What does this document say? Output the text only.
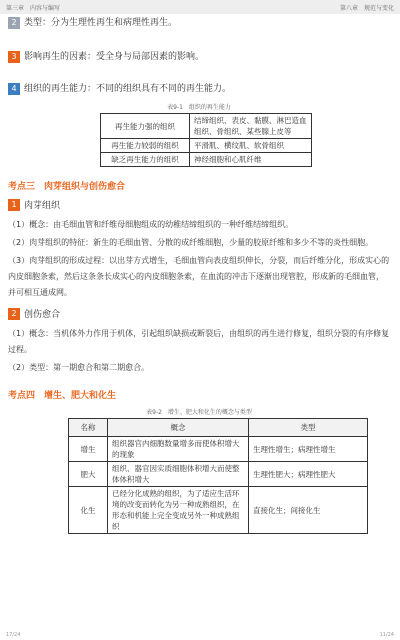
第三章　内容与编写	第八章　规范与变化
2 类型：分为生理性再生和病理性再生。
3 影响再生的因素：受全身与局部因素的影响。
4 组织的再生能力：不同的组织具有不同的再生能力。
表9-1　组织的再生能力
再生能力强的组织	结缔组织、表皮、黏膜、淋巴造血组织、骨组织、某些腺上皮等
再生能力较弱的组织	平滑肌、横纹肌、软骨组织
缺乏再生能力的组织	神经细胞和心肌纤维
考点三　肉芽组织与创伤愈合
1 肉芽组织

（1）概念：由毛细血管和纤维母细胞组成的幼稚结缔组织的一种纤维结缔组织。

（2）肉芽组织的特征：新生的毛细血管、分散的成纤维细胞，少量的胶原纤维和多少不等的炎性细胞。

（3）肉芽组织的形成过程：以出芽方式增生，毛细血管向表皮组织伸长，分裂，而后纤维分化，形成实心的内皮细胞条索，然后这条条长成实心的内皮细胞条索，在血流的冲击下逐渐出现管腔，形成新的毛细血管，并可相互通成网。

2 创伤愈合

（1）概念：当机体外力作用于机体，引起组织缺损或断裂后，由组织的再生进行修复，组织分裂的有序修复过程。

（2）类型：第一期愈合和第二期愈合。

考点四　增生、肥大和化生
表9-2　增生、肥大和化生的概念与类型
名称	概念	类型
增生	组织器官内细胞数量增多而使体积增大的现象	生理性增生；病理性增生
肥大	组织、器官因实质细胞体积增大而使整体体积增大	生理性肥大；病理性肥大
化生	已经分化成熟的组织，为了适应生活环境的改变而转化为另一种成熟组织，在形态和机能上完全变成另外一种成熟组织	直接化生；间接化生
17/24	11/24
